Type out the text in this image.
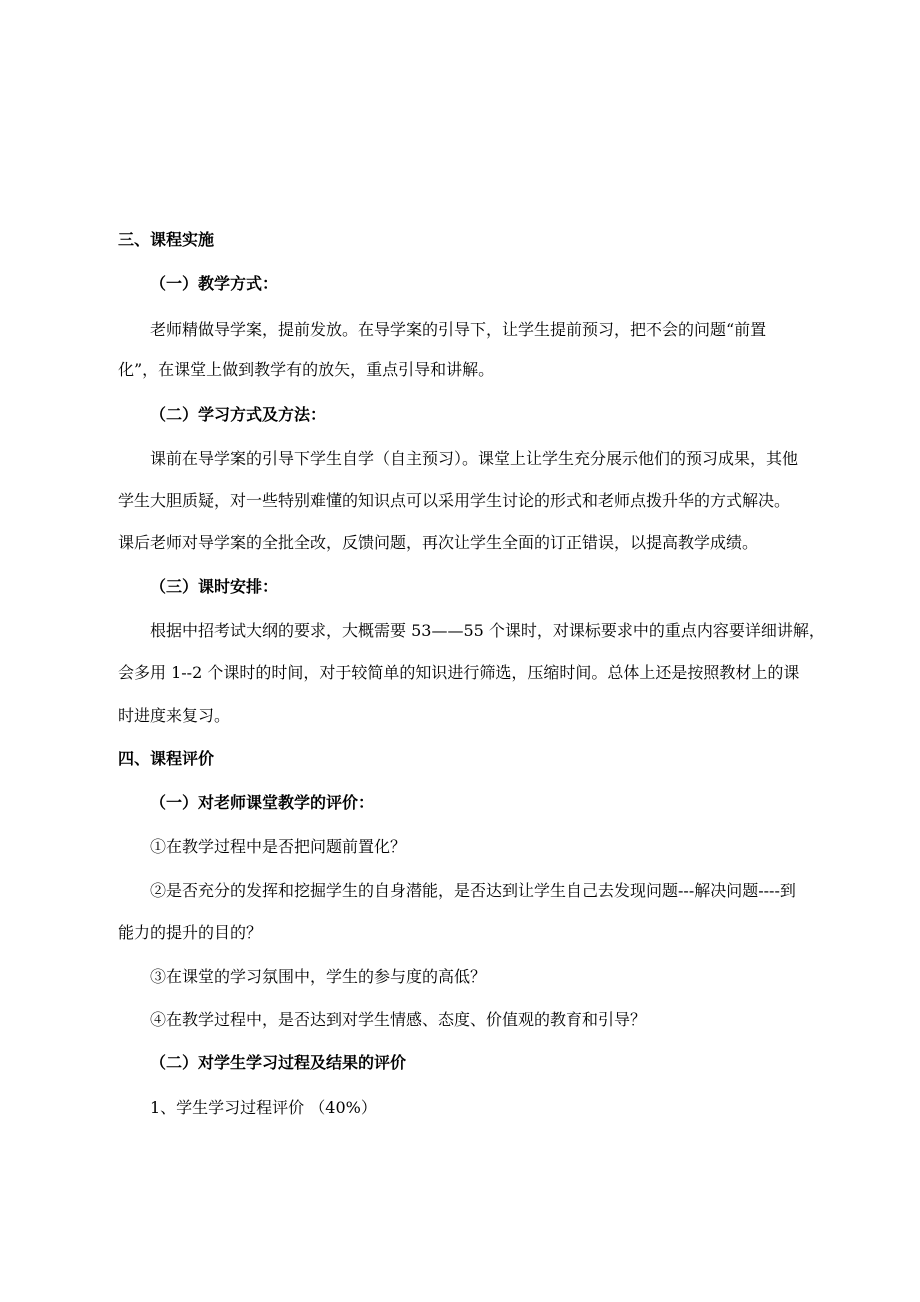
三、课程实施
（一）教学方式：
老师精做导学案，提前发放。在导学案的引导下，让学生提前预习，把不会的问题“前置
化”，在课堂上做到教学有的放矢，重点引导和讲解。
（二）学习方式及方法：
课前在导学案的引导下学生自学（自主预习）。课堂上让学生充分展示他们的预习成果，其他
学生大胆质疑，对一些特别难懂的知识点可以采用学生讨论的形式和老师点拨升华的方式解决。
课后老师对导学案的全批全改，反馈问题，再次让学生全面的订正错误，以提高教学成绩。
（三）课时安排：
根据中招考试大纲的要求，大概需要 53——55 个课时，对课标要求中的重点内容要详细讲解，
会多用 1--2 个课时的时间，对于较简单的知识进行筛选，压缩时间。总体上还是按照教材上的课
时进度来复习。
四、课程评价
（一）对老师课堂教学的评价：
①在教学过程中是否把问题前置化？
②是否充分的发挥和挖掘学生的自身潜能，是否达到让学生自己去发现问题---解决问题----到
能力的提升的目的？
③在课堂的学习氛围中，学生的参与度的高低？
④在教学过程中，是否达到对学生情感、态度、价值观的教育和引导？
（二）对学生学习过程及结果的评价
1、学生学习过程评价 （40%）
